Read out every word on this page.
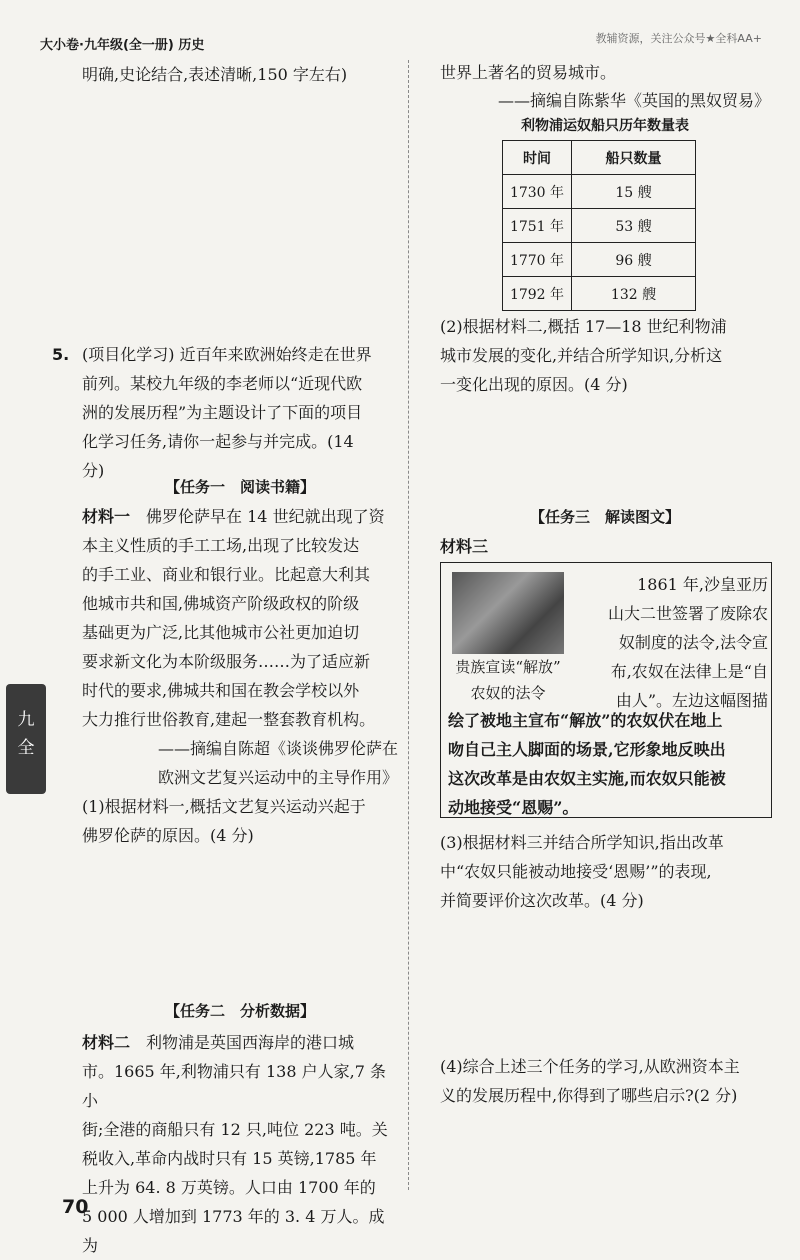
大小卷·九年级(全一册) 历史	教辅资源，关注公众号★全科AA+

明确,史论结合,表述清晰,150 字左右)

5. (项目化学习) 近百年来欧洲始终走在世界

前列。某校九年级的李老师以“近现代欧

洲的发展历程”为主题设计了下面的项目

化学习任务,请你一起参与并完成。(14

分)

【任务一　阅读书籍】

材料一　 佛罗伦萨早在 14 世纪就出现了资

本主义性质的手工工场,出现了比较发达

的手工业、商业和银行业。比起意大利其

他城市共和国,佛城资产阶级政权的阶级

基础更为广泛,比其他城市公社更加迫切

要求新文化为本阶级服务……为了适应新

时代的要求,佛城共和国在教会学校以外

大力推行世俗教育,建起一整套教育机构。

——摘编自陈超《谈谈佛罗伦萨在

欧洲文艺复兴运动中的主导作用》

(1)根据材料一,概括文艺复兴运动兴起于

佛罗伦萨的原因。(4 分)

【任务二　分析数据】

材料二　 利物浦是英国西海岸的港口城

市。1665 年,利物浦只有 138 户人家,7 条小

街;全港的商船只有 12 只,吨位 223 吨。关

税收入,革命内战时只有 15 英镑,1785 年

上升为 64. 8 万英镑。人口由 1700 年的

5 000 人增加到 1773 年的 3. 4 万人。成为

九
全
70

世界上著名的贸易城市。

——摘编自陈紫华《英国的黑奴贸易》

利物浦运奴船只历年数量表

时间	船只数量
1730 年	15 艘
1751 年	53 艘
1770 年	96 艘
1792 年	132 艘

(2)根据材料二,概括 17—18 世纪利物浦

城市发展的变化,并结合所学知识,分析这

一变化出现的原因。(4 分)

【任务三　解读图文】

材料三

贵族宣读“解放”

农奴的法令

1861 年,沙皇亚历

山大二世签署了废除农

奴制度的法令,法令宣

布,农奴在法律上是“自

由人”。左边这幅图描

绘了被地主宣布“解放”的农奴伏在地上

吻自己主人脚面的场景,它形象地反映出

这次改革是由农奴主实施,而农奴只能被

动地接受“恩赐”。

(3)根据材料三并结合所学知识,指出改革

中“农奴只能被动地接受‘恩赐’”的表现,

并简要评价这次改革。(4 分)

(4)综合上述三个任务的学习,从欧洲资本主

义的发展历程中,你得到了哪些启示?(2 分)
